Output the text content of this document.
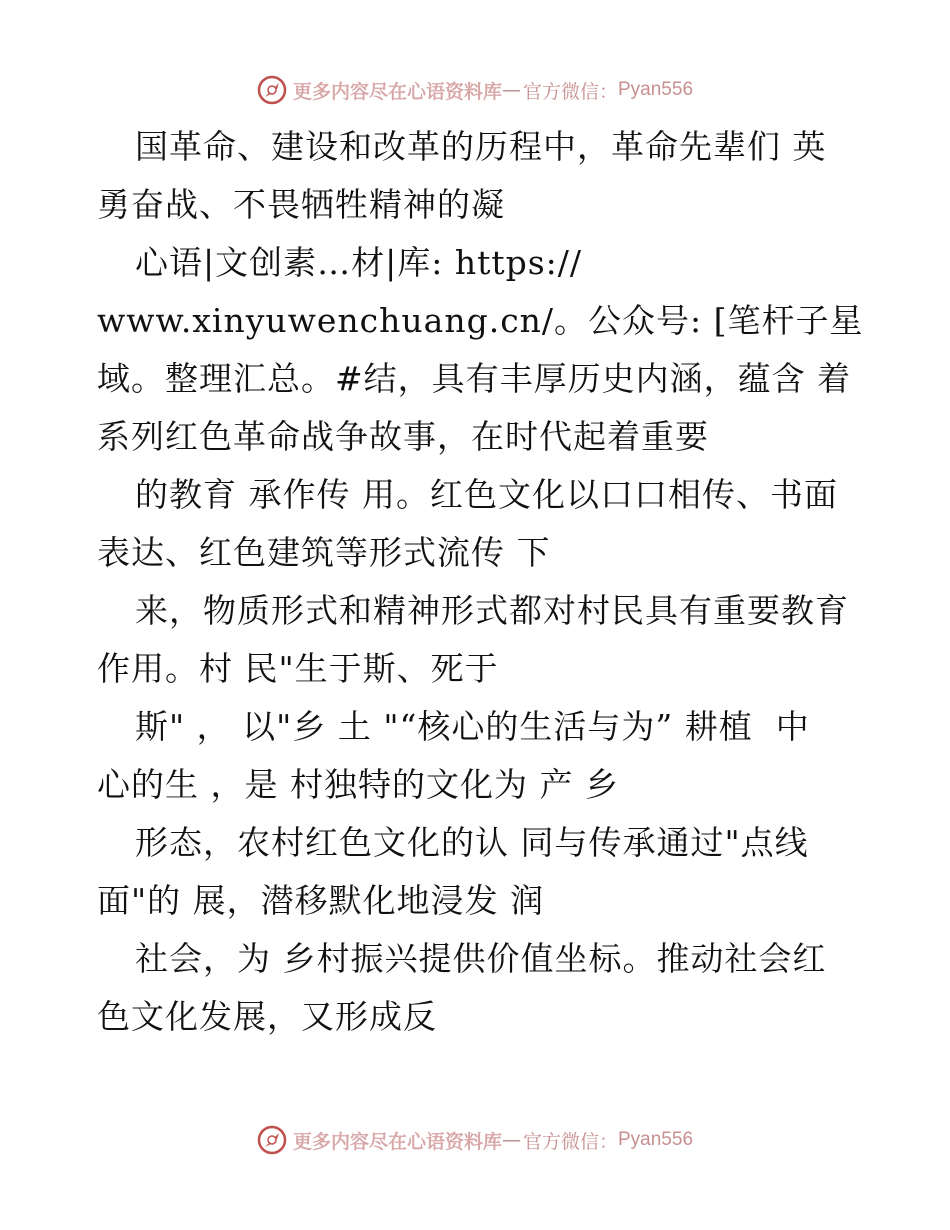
更多内容尽在心语资料库 — 官方微信： Pyan556
国革命、建设和改革的历程中，革命先辈们 英
勇奋战、不畏牺牲精神的凝
心语|文创素…材|库: https://
www.xinyuwenchuang.cn/。公众号: [笔杆子星
域。整理汇总。#结，具有丰厚历史内涵，蕴含 着
系列红色革命战争故事，在时代起着重要
的教育 承作传 用。红色文化以口口相传、书面
表达、红色建筑等形式流传 下
来，物质形式和精神形式都对村民具有重要教育
作用。村 民"生于斯、死于
斯" ， 以"乡 土 "“核心的生活与为” 耕植  中
心的生 ，是 村独特的文化为 产 乡
形态，农村红色文化的认 同与传承通过"点线
面"的 展，潜移默化地浸发 润
社会，为 乡村振兴提供价值坐标。推动社会红
色文化发展，又形成反
更多内容尽在心语资料库 — 官方微信： Pyan556
